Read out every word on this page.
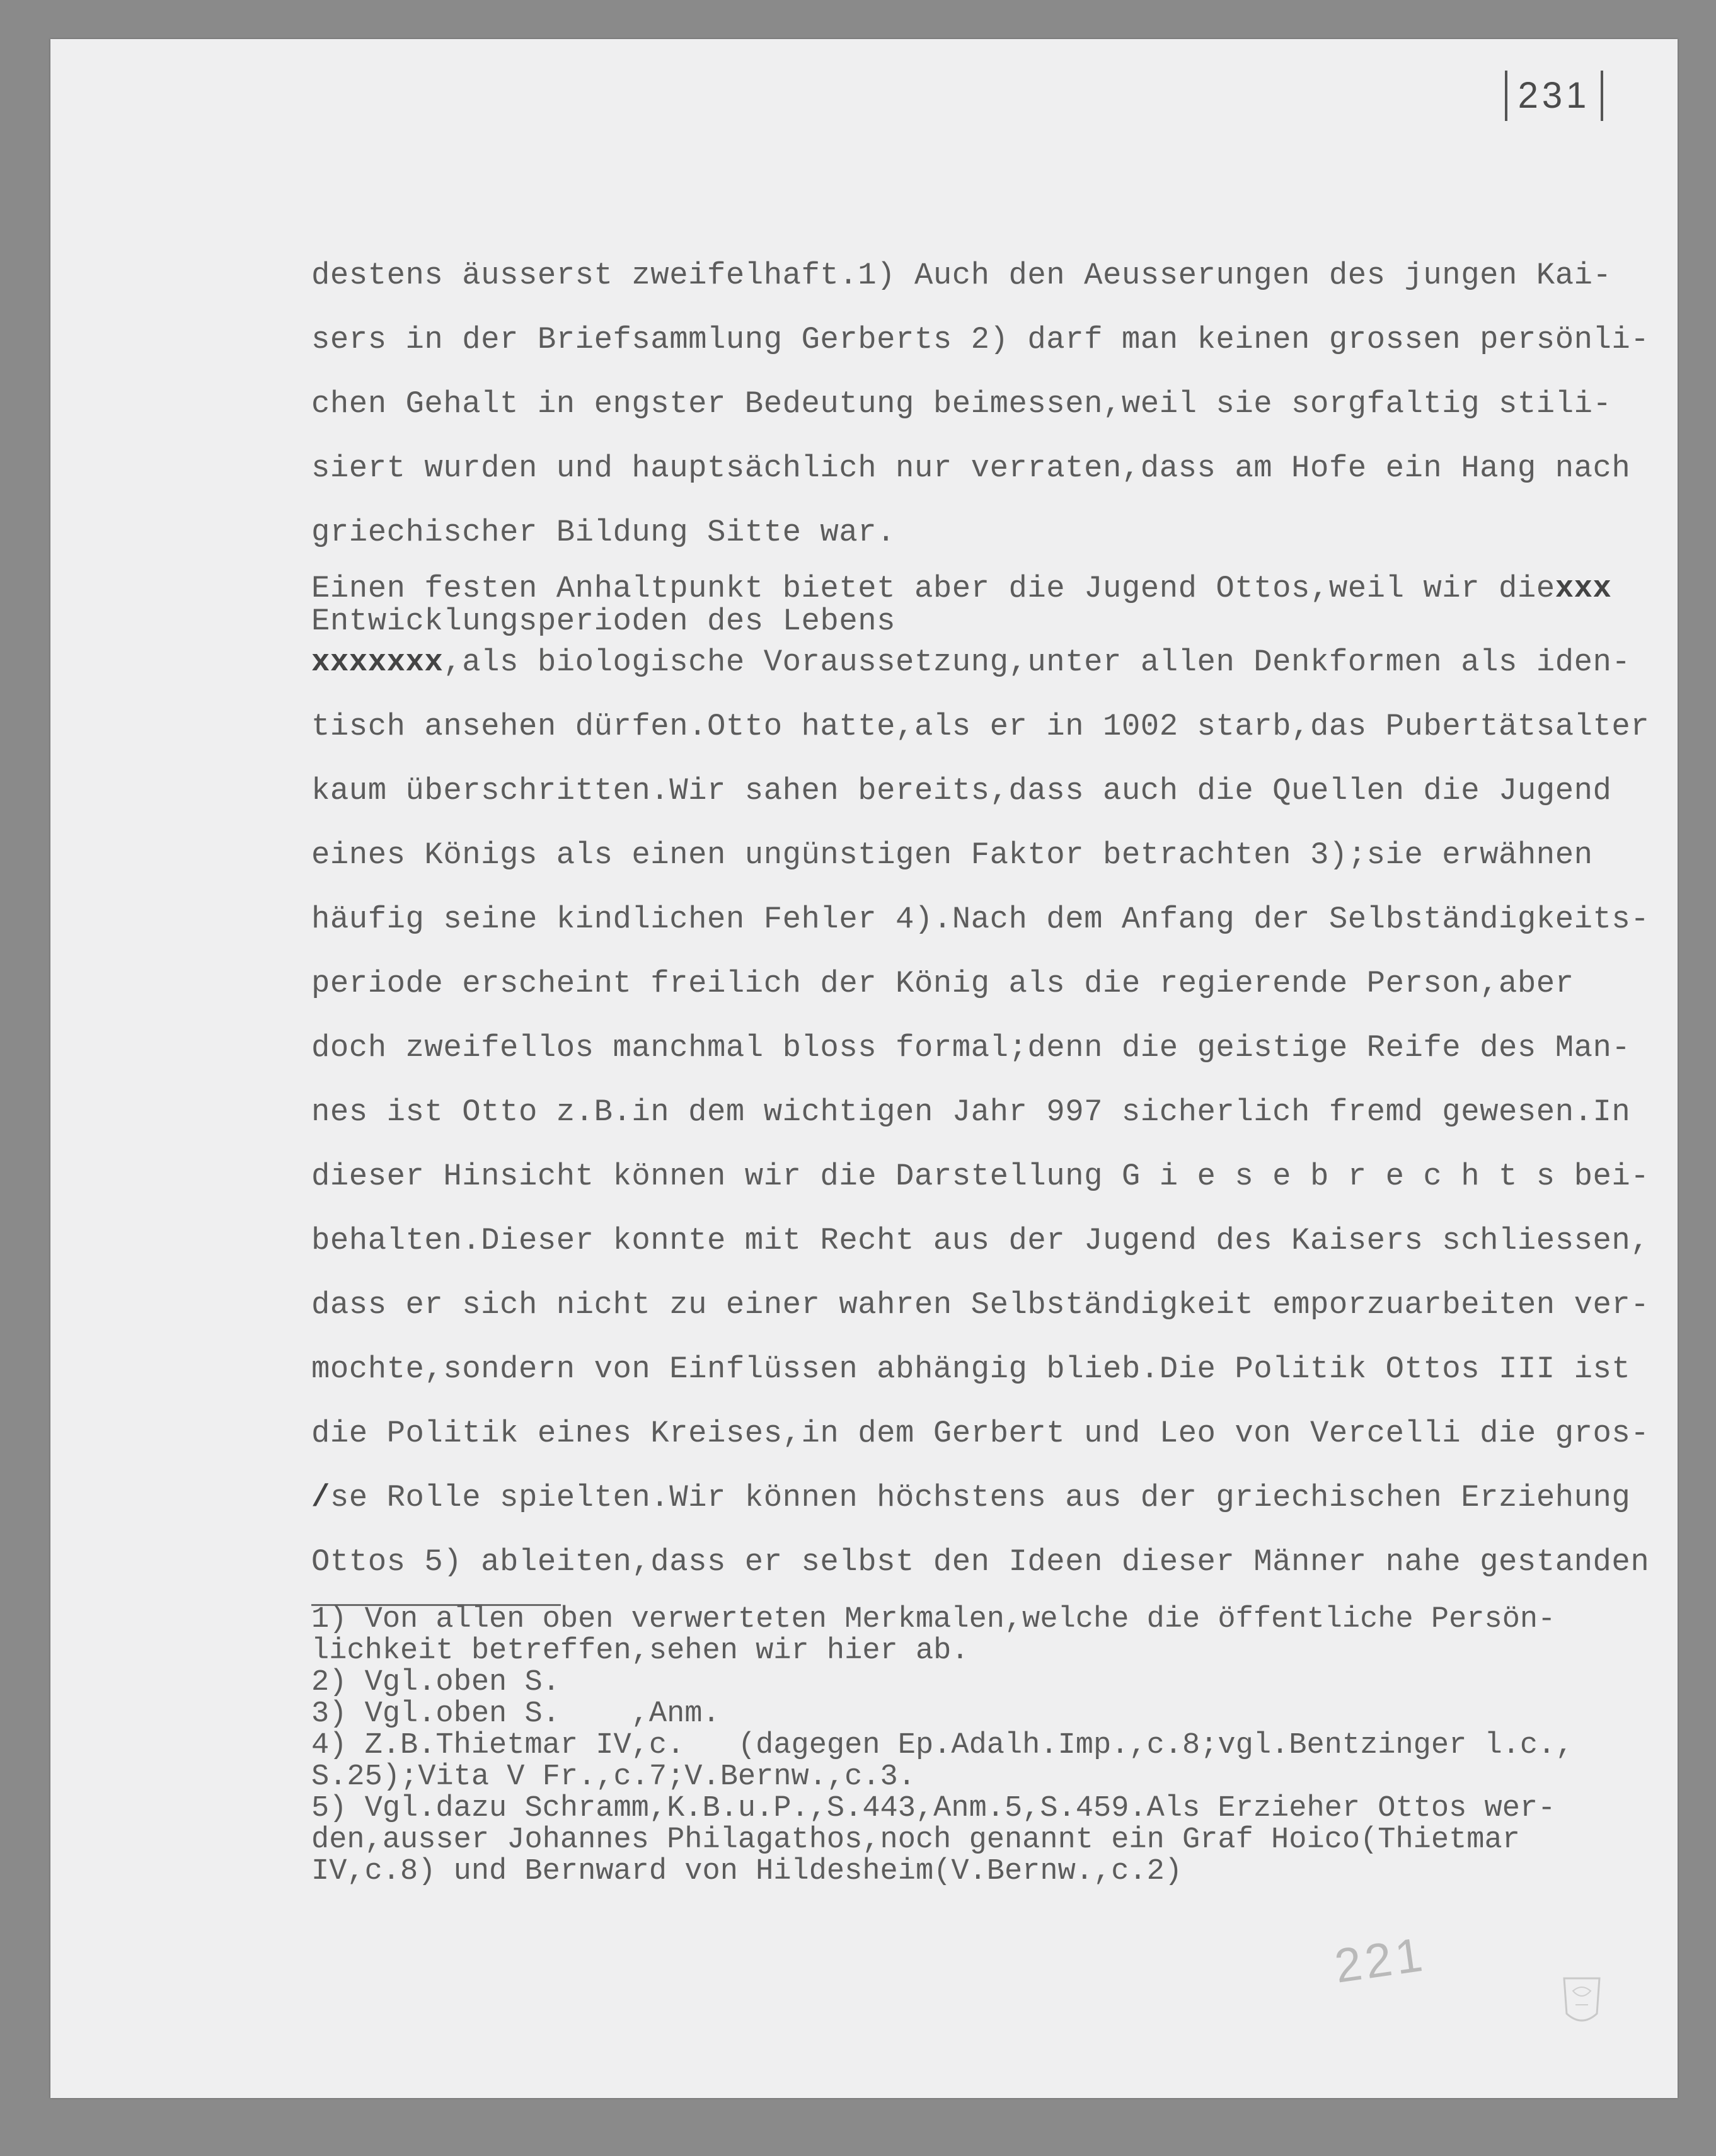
231
destens äusserst zweifelhaft.1) Auch den Aeusserungen des jungen Kai-
sers in der Briefsammlung Gerberts 2) darf man keinen grossen persönli-
chen Gehalt in engster Bedeutung beimessen,weil sie sorgfaltig stili-
siert wurden und hauptsächlich nur verraten,dass am Hofe ein Hang nach
griechischer Bildung Sitte war.
Einen festen Anhaltpunkt bietet aber die Jugend Ottos,weil wir diexxx
Entwicklungsperioden des Lebens
xxxxxxx,als biologische Voraussetzung,unter allen Denkformen als iden-
tisch ansehen dürfen.Otto hatte,als er in 1002 starb,das Pubertätsalter
kaum überschritten.Wir sahen bereits,dass auch die Quellen die Jugend
eines Königs als einen ungünstigen Faktor betrachten 3);sie erwähnen
häufig seine kindlichen Fehler 4).Nach dem Anfang der Selbständigkeits-
periode erscheint freilich der König als die regierende Person,aber
doch zweifellos manchmal bloss formal;denn die geistige Reife des Man-
nes ist Otto z.B.in dem wichtigen Jahr 997 sicherlich fremd gewesen.In
dieser Hinsicht können wir die Darstellung G i e s e b r e c h t s bei-
behalten.Dieser konnte mit Recht aus der Jugend des Kaisers schliessen,
dass er sich nicht zu einer wahren Selbständigkeit emporzuarbeiten ver-
mochte,sondern von Einflüssen abhängig blieb.Die Politik Ottos III ist
die Politik eines Kreises,in dem Gerbert und Leo von Vercelli die gros-
/se Rolle spielten.Wir können höchstens aus der griechischen Erziehung
Ottos 5) ableiten,dass er selbst den Ideen dieser Männer nahe gestanden
1) Von allen oben verwerteten Merkmalen,welche die öffentliche Persön-
lichkeit betreffen,sehen wir hier ab.
2) Vgl.oben S.
3) Vgl.oben S.    ,Anm.
4) Z.B.Thietmar IV,c.   (dagegen Ep.Adalh.Imp.,c.8;vgl.Bentzinger l.c.,
S.25);Vita V Fr.,c.7;V.Bernw.,c.3.
5) Vgl.dazu Schramm,K.B.u.P.,S.443,Anm.5,S.459.Als Erzieher Ottos wer-
den,ausser Johannes Philagathos,noch genannt ein Graf Hoico(Thietmar
IV,c.8) und Bernward von Hildesheim(V.Bernw.,c.2)
221
